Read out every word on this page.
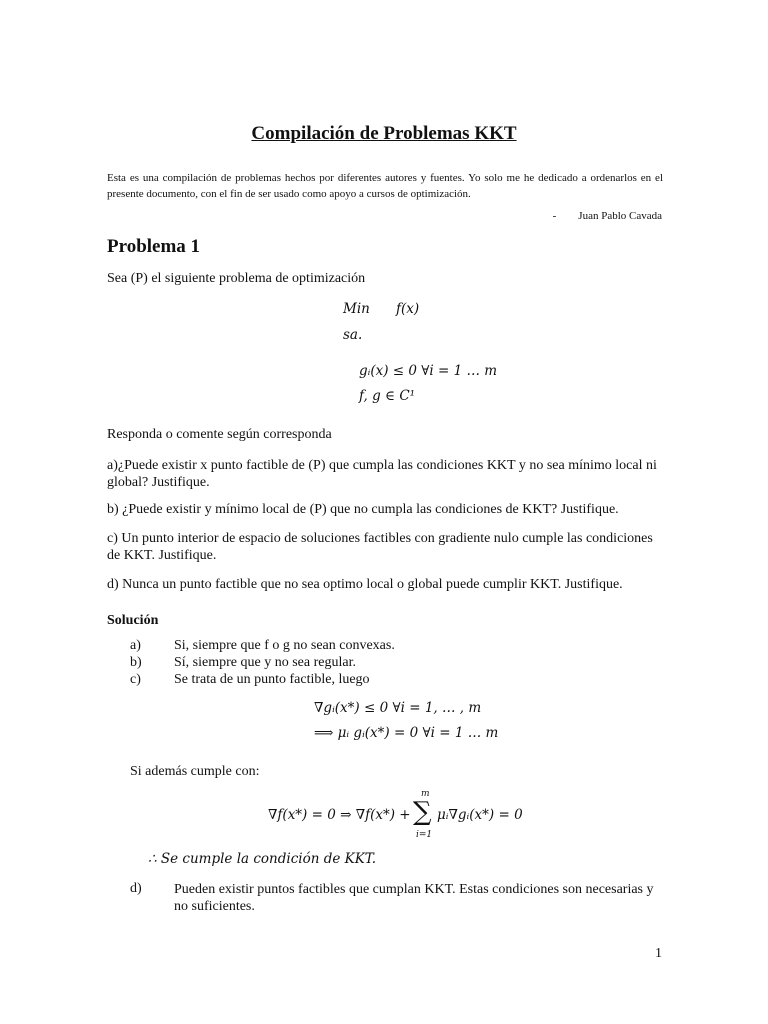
Compilación de Problemas KKT
Esta es una compilación de problemas hechos por diferentes autores y fuentes. Yo solo me he dedicado a ordenarlos en el presente documento, con el fin de ser usado como apoyo a cursos de optimización.
-        Juan Pablo Cavada
Problema 1
Sea (P) el siguiente problema de optimización
Min f(x)
sa.
gᵢ(x) ≤ 0 ∀i = 1 … m
f, g ∈ C¹
Responda o comente según corresponda
a)¿Puede existir x punto factible de (P) que cumpla las condiciones KKT y no sea mínimo local ni global? Justifique.
b) ¿Puede existir y mínimo local de (P) que no cumpla las condiciones de KKT? Justifique.
c) Un punto interior de espacio de soluciones factibles con gradiente nulo cumple las condiciones de KKT. Justifique.
d) Nunca un punto factible que no sea optimo local o global puede cumplir KKT. Justifique.
Solución
a) Si, siempre que f o g no sean convexas.
b) Sí, siempre que y no sea regular.
c) Se trata de un punto factible, luego
∇gᵢ(x*) ≤ 0 ∀i = 1, … , m
⟹ μᵢ gᵢ(x*) = 0 ∀i = 1 … m
Si además cumple con:
∇f(x*) = 0 ⇒ ∇f(x*) +
m
∑
i=1
μᵢ∇gᵢ(x*) = 0
∴ Se cumple la condición de KKT.
d) Pueden existir puntos factibles que cumplan KKT. Estas condiciones son necesarias y no suficientes.
1
